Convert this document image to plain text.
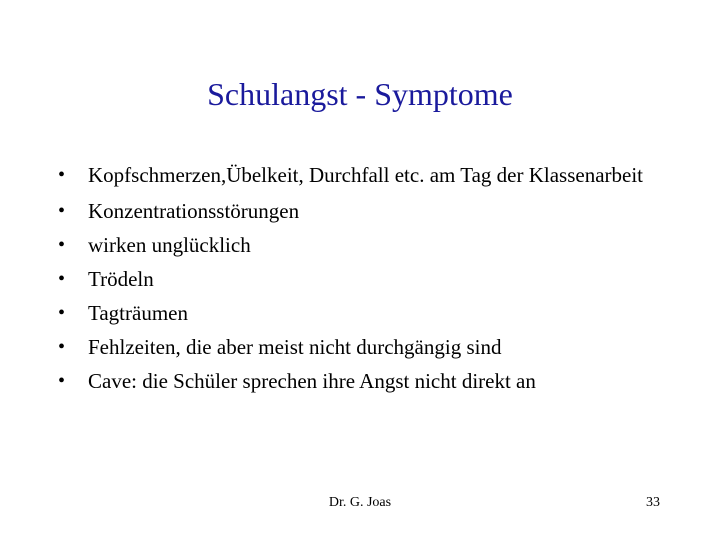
Schulangst - Symptome
• Kopfschmerzen,Übelkeit, Durchfall etc. am Tag der Klassenarbeit
• Konzentrationsstörungen
• wirken unglücklich
• Trödeln
• Tagträumen
• Fehlzeiten, die aber meist nicht durchgängig sind
• Cave: die Schüler sprechen ihre Angst nicht direkt an
Dr. G. Joas	33
